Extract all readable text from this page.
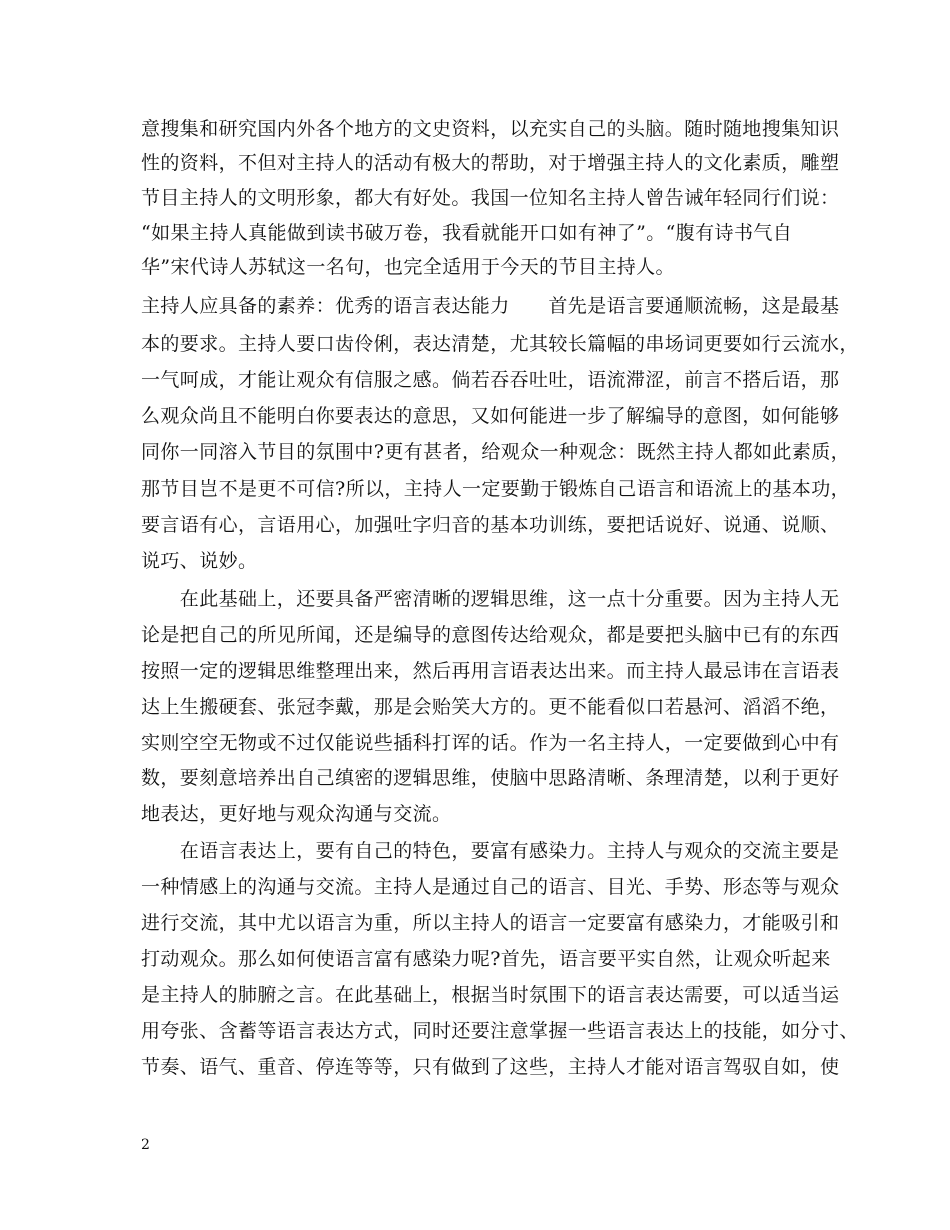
意搜集和研究国内外各个地方的文史资料，以充实自己的头脑。随时随地搜集知识
性的资料，不但对主持人的活动有极大的帮助，对于增强主持人的文化素质，雕塑
节目主持人的文明形象，都大有好处。我国一位知名主持人曾告诫年轻同行们说：
“如果主持人真能做到读书破万卷，我看就能开口如有神了”。“腹有诗书气自
华”宋代诗人苏轼这一名句，也完全适用于今天的节目主持人。
主持人应具备的素养：优秀的语言表达能力　　首先是语言要通顺流畅，这是最基
本的要求。主持人要口齿伶俐，表达清楚，尤其较长篇幅的串场词更要如行云流水，
一气呵成，才能让观众有信服之感。倘若吞吞吐吐，语流滞涩，前言不搭后语，那
么观众尚且不能明白你要表达的意思，又如何能进一步了解编导的意图，如何能够
同你一同溶入节目的氛围中?更有甚者，给观众一种观念：既然主持人都如此素质，
那节目岂不是更不可信?所以，主持人一定要勤于锻炼自己语言和语流上的基本功，
要言语有心，言语用心，加强吐字归音的基本功训练，要把话说好、说通、说顺、
说巧、说妙。
　　在此基础上，还要具备严密清晰的逻辑思维，这一点十分重要。因为主持人无
论是把自己的所见所闻，还是编导的意图传达给观众，都是要把头脑中已有的东西
按照一定的逻辑思维整理出来，然后再用言语表达出来。而主持人最忌讳在言语表
达上生搬硬套、张冠李戴，那是会贻笑大方的。更不能看似口若悬河、滔滔不绝，
实则空空无物或不过仅能说些插科打诨的话。作为一名主持人，一定要做到心中有
数，要刻意培养出自己缜密的逻辑思维，使脑中思路清晰、条理清楚，以利于更好
地表达，更好地与观众沟通与交流。
　　在语言表达上，要有自己的特色，要富有感染力。主持人与观众的交流主要是
一种情感上的沟通与交流。主持人是通过自己的语言、目光、手势、形态等与观众
进行交流，其中尤以语言为重，所以主持人的语言一定要富有感染力，才能吸引和
打动观众。那么如何使语言富有感染力呢?首先，语言要平实自然，让观众听起来
是主持人的肺腑之言。在此基础上，根据当时氛围下的语言表达需要，可以适当运
用夸张、含蓄等语言表达方式，同时还要注意掌握一些语言表达上的技能，如分寸、
节奏、语气、重音、停连等等，只有做到了这些，主持人才能对语言驾驭自如，使
2
